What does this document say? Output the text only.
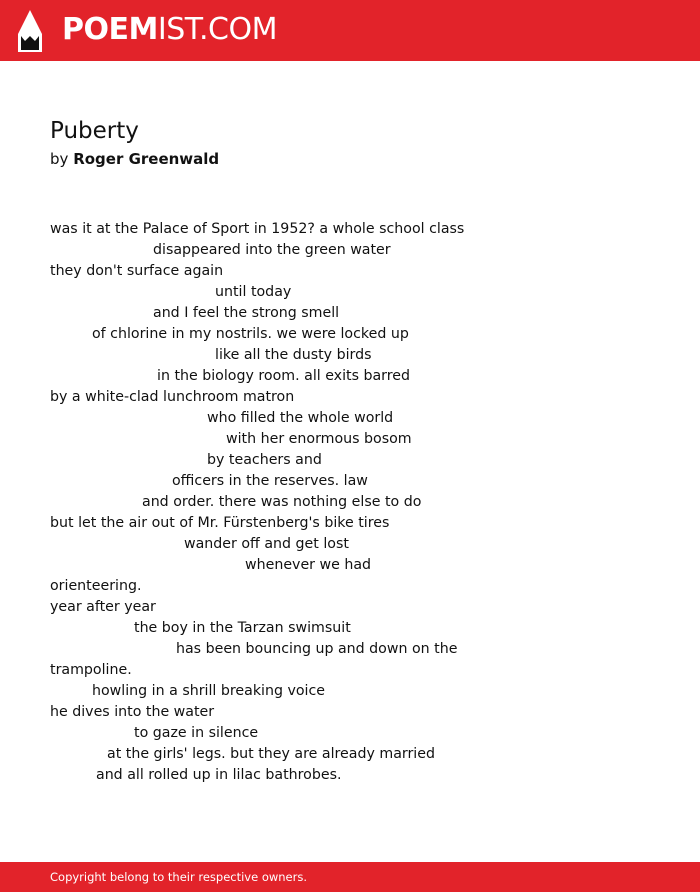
POEMIST.COM
Puberty
by Roger Greenwald
was it at the Palace of Sport in 1952? a whole school class
disappeared into the green water
they don't surface again
until today
and I feel the strong smell
of chlorine in my nostrils. we were locked up
like all the dusty birds
in the biology room. all exits barred
by a white-clad lunchroom matron
who filled the whole world
with her enormous bosom
by teachers and
officers in the reserves. law
and order. there was nothing else to do
but let the air out of Mr. Fürstenberg's bike tires
wander off and get lost
whenever we had
orienteering.
year after year
the boy in the Tarzan swimsuit
has been bouncing up and down on the
trampoline.
howling in a shrill breaking voice
he dives into the water
to gaze in silence
at the girls' legs. but they are already married
and all rolled up in lilac bathrobes.
Copyright belong to their respective owners.
